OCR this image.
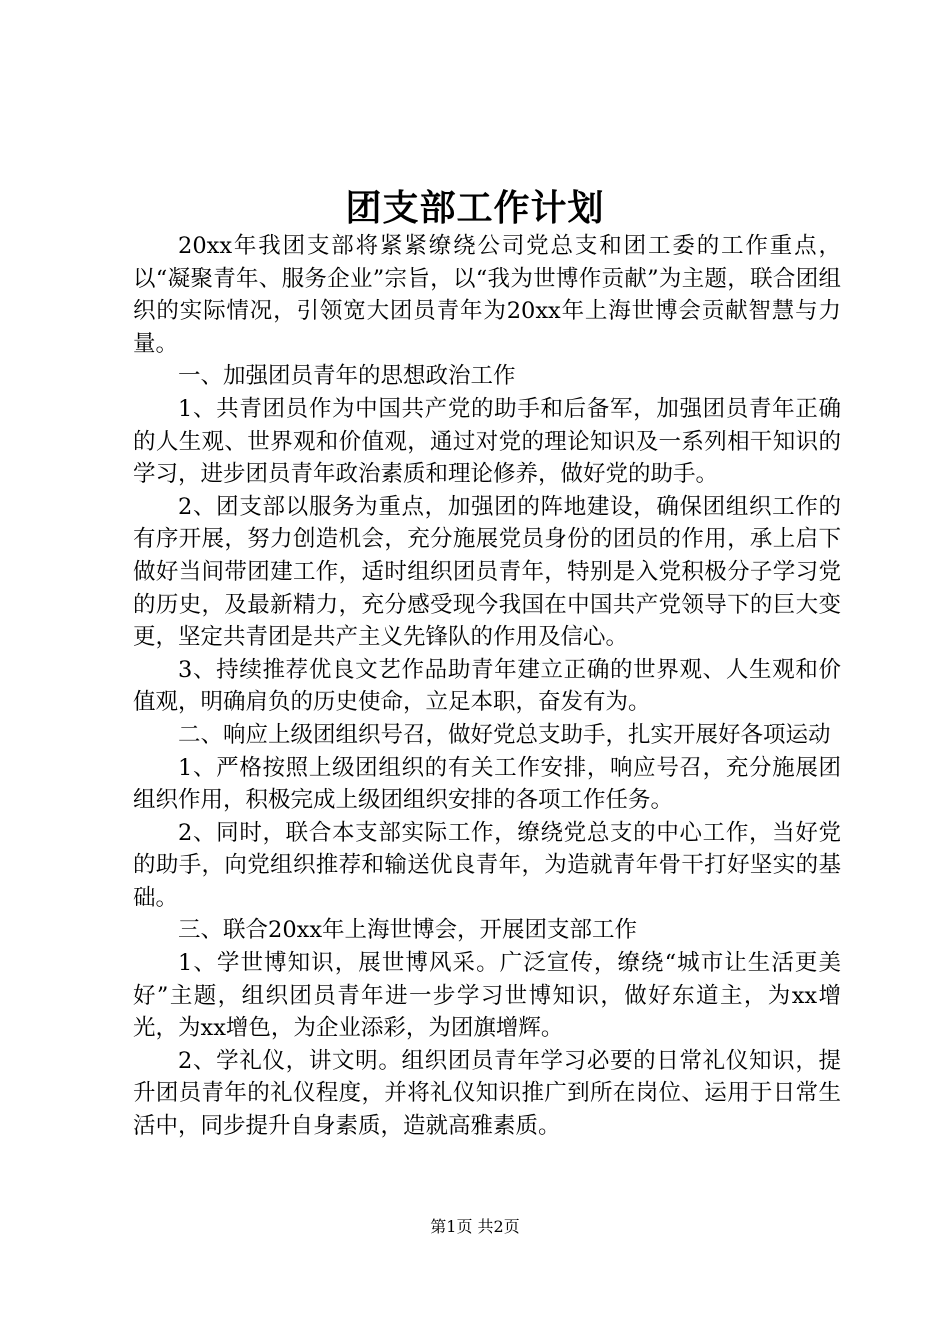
团支部工作计划

20xx年我团支部将紧紧缭绕公司党总支和团工委的工作重点，以“凝聚青年、服务企业”宗旨，以“我为世博作贡献”为主题，联合团组织的实际情况，引领宽大团员青年为20xx年上海世博会贡献智慧与力量。

一、加强团员青年的思想政治工作

1、共青团员作为中国共产党的助手和后备军，加强团员青年正确的人生观、世界观和价值观，通过对党的理论知识及一系列相干知识的学习，进步团员青年政治素质和理论修养，做好党的助手。

2、团支部以服务为重点，加强团的阵地建设，确保团组织工作的有序开展，努力创造机会，充分施展党员身份的团员的作用，承上启下做好当间带团建工作，适时组织团员青年，特别是入党积极分子学习党的历史，及最新精力，充分感受现今我国在中国共产党领导下的巨大变更，坚定共青团是共产主义先锋队的作用及信心。

3、持续推荐优良文艺作品助青年建立正确的世界观、人生观和价值观，明确肩负的历史使命，立足本职，奋发有为。

二、响应上级团组织号召，做好党总支助手，扎实开展好各项运动

1、严格按照上级团组织的有关工作安排，响应号召，充分施展团组织作用，积极完成上级团组织安排的各项工作任务。

2、同时，联合本支部实际工作，缭绕党总支的中心工作，当好党的助手，向党组织推荐和输送优良青年，为造就青年骨干打好坚实的基础。

三、联合20xx年上海世博会，开展团支部工作

1、学世博知识，展世博风采。广泛宣传，缭绕“城市让生活更美好”主题，组织团员青年进一步学习世博知识，做好东道主，为xx增光，为xx增色，为企业添彩，为团旗增辉。

2、学礼仪，讲文明。组织团员青年学习必要的日常礼仪知识，提升团员青年的礼仪程度，并将礼仪知识推广到所在岗位、运用于日常生活中，同步提升自身素质，造就高雅素质。

第1页 共2页
